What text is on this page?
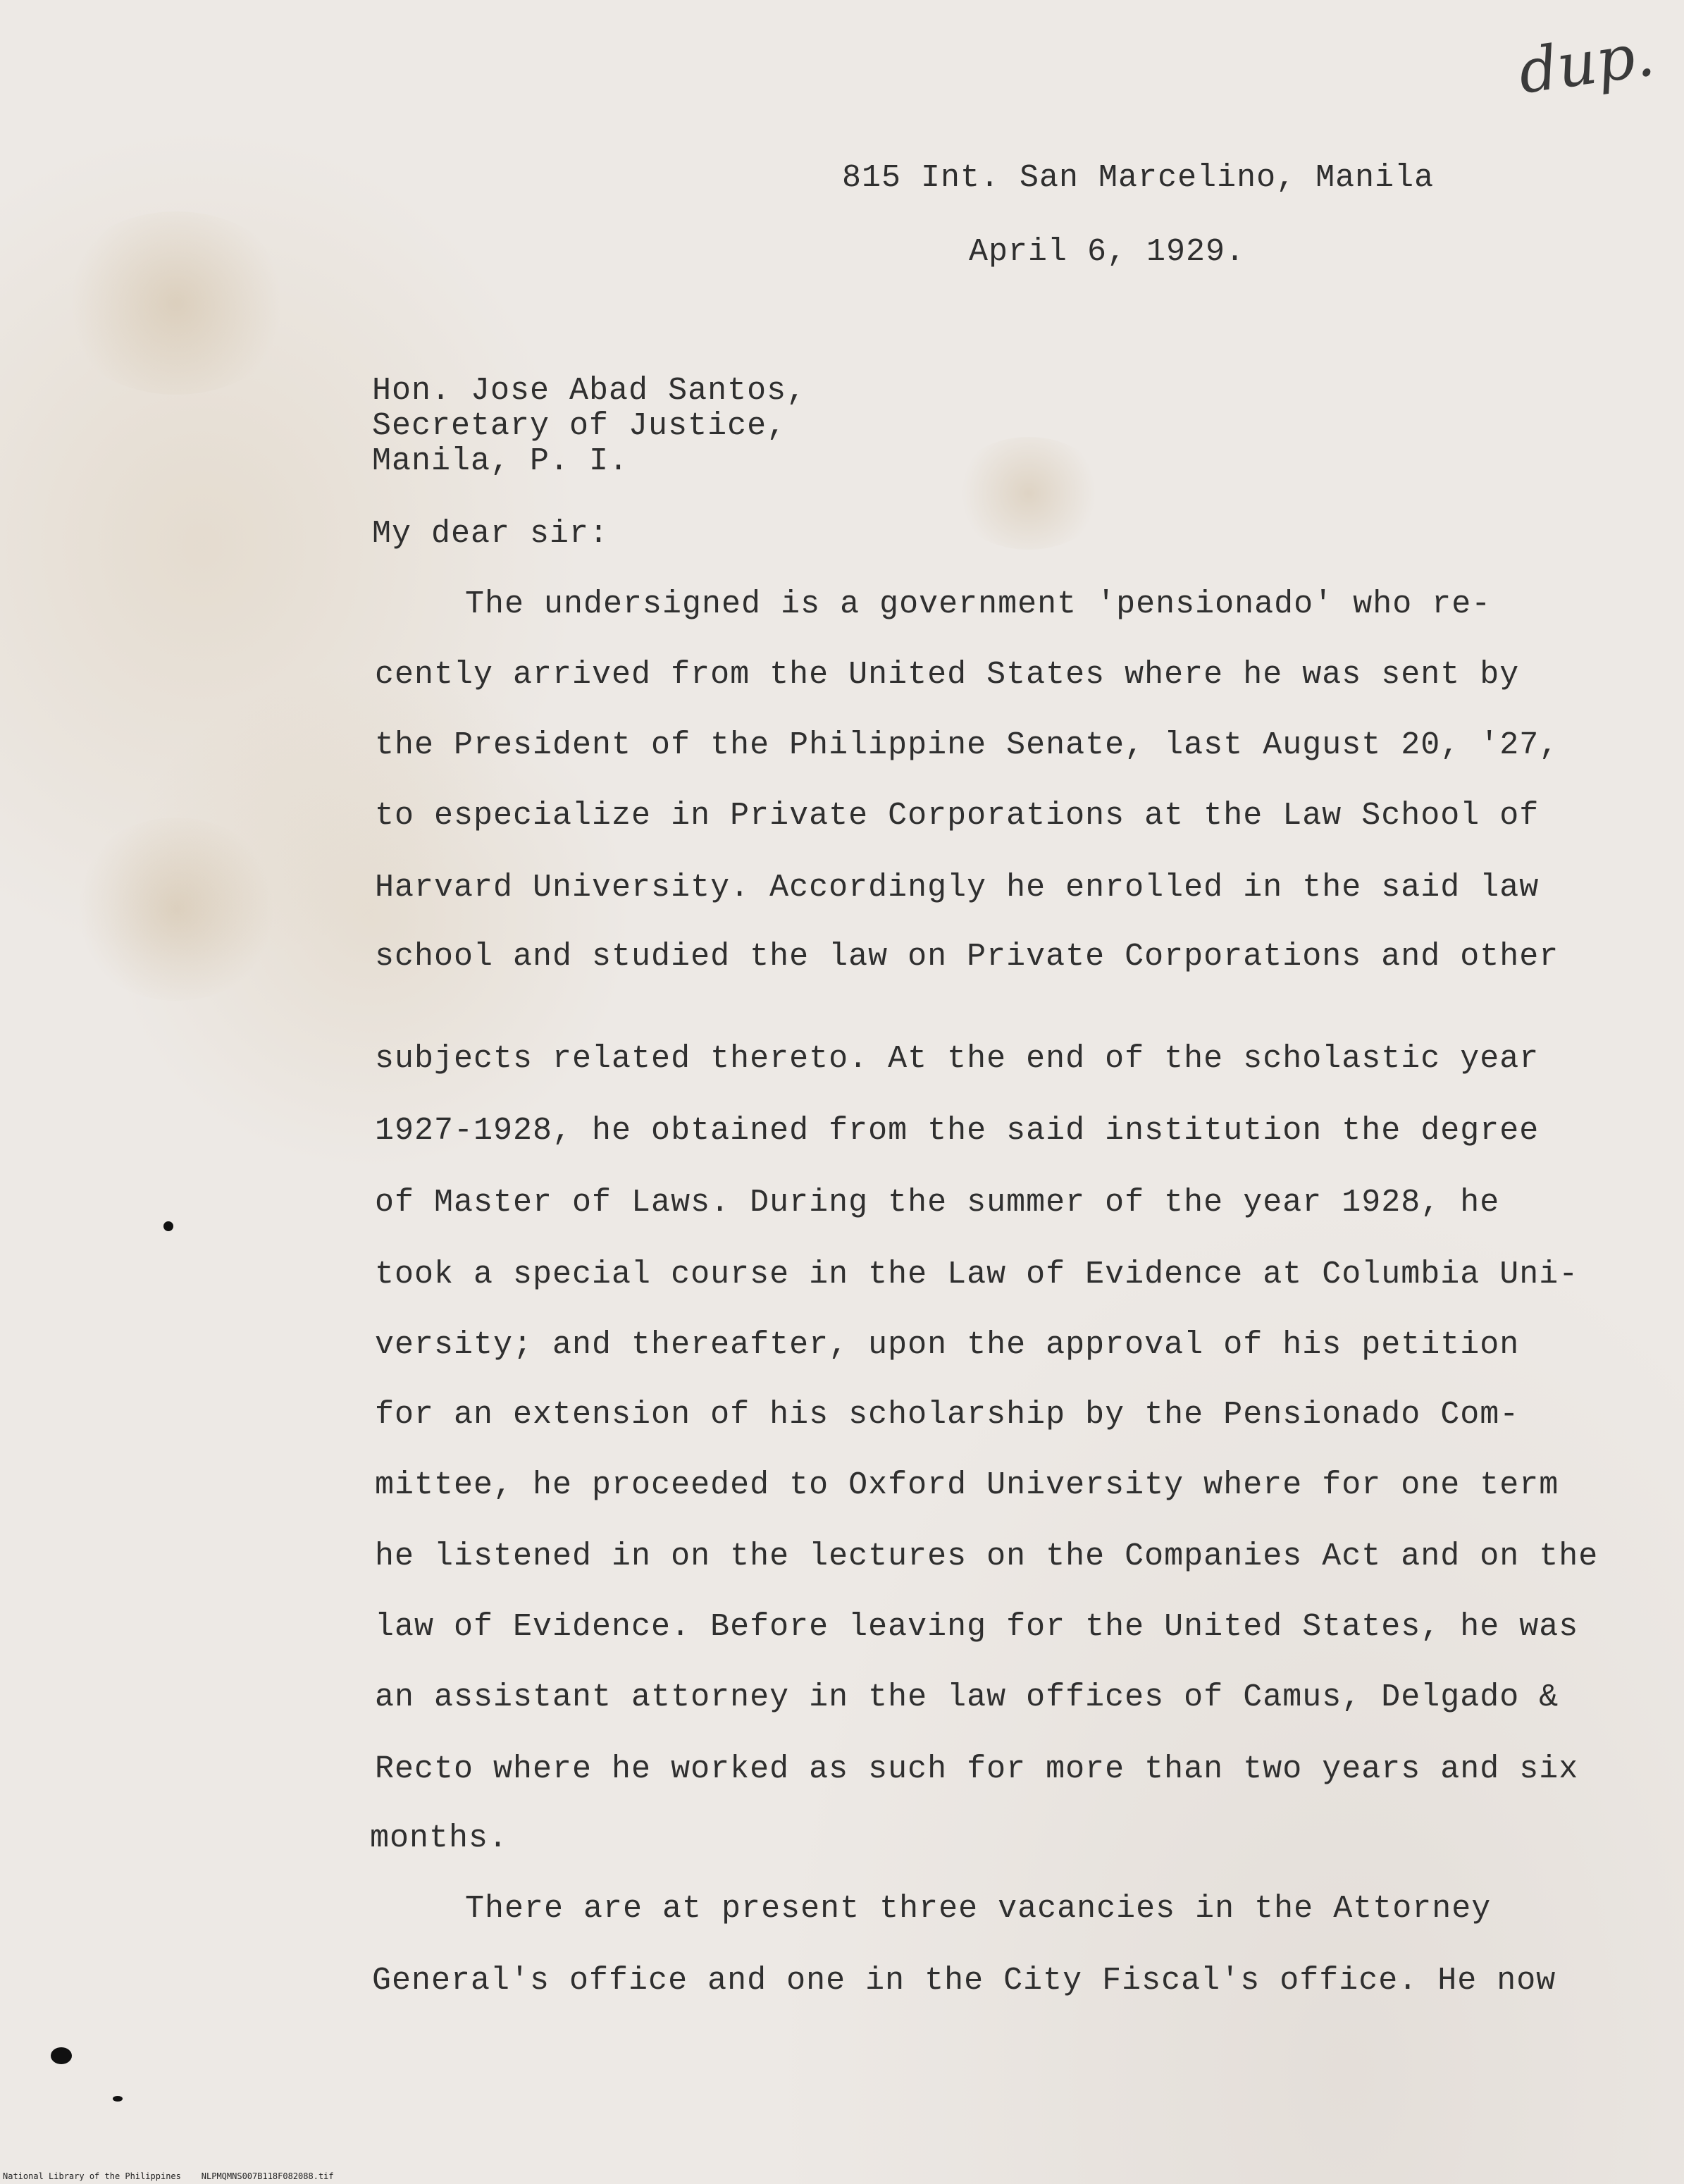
dup.
815 Int. San Marcelino, Manila
April 6, 1929.
Hon. Jose Abad Santos,
Secretary of Justice,
Manila, P. I.
My dear sir:
The undersigned is a government 'pensionado' who re-
cently arrived from the United States where he was sent by
the President of the Philippine Senate, last August 20, '27,
to especialize in Private Corporations at the Law School of
Harvard University. Accordingly he enrolled in the said law
school and studied the law on Private Corporations and other
subjects related thereto. At the end of the scholastic year
1927-1928, he obtained from the said institution the degree
of Master of Laws. During the summer of the year 1928, he
took a special course in the Law of Evidence at Columbia Uni-
versity; and thereafter, upon the approval of his petition
for an extension of his scholarship by the Pensionado Com-
mittee, he proceeded to Oxford University where for one term
he listened in on the lectures on the Companies Act and on the
law of Evidence. Before leaving for the United States, he was
an assistant attorney in the law offices of Camus, Delgado &
Recto where he worked as such for more than two years and six
months.
There are at present three vacancies in the Attorney
General's office and one in the City Fiscal's office. He now
National Library of the Philippines NLPMQMNS007B118F082088.tif
